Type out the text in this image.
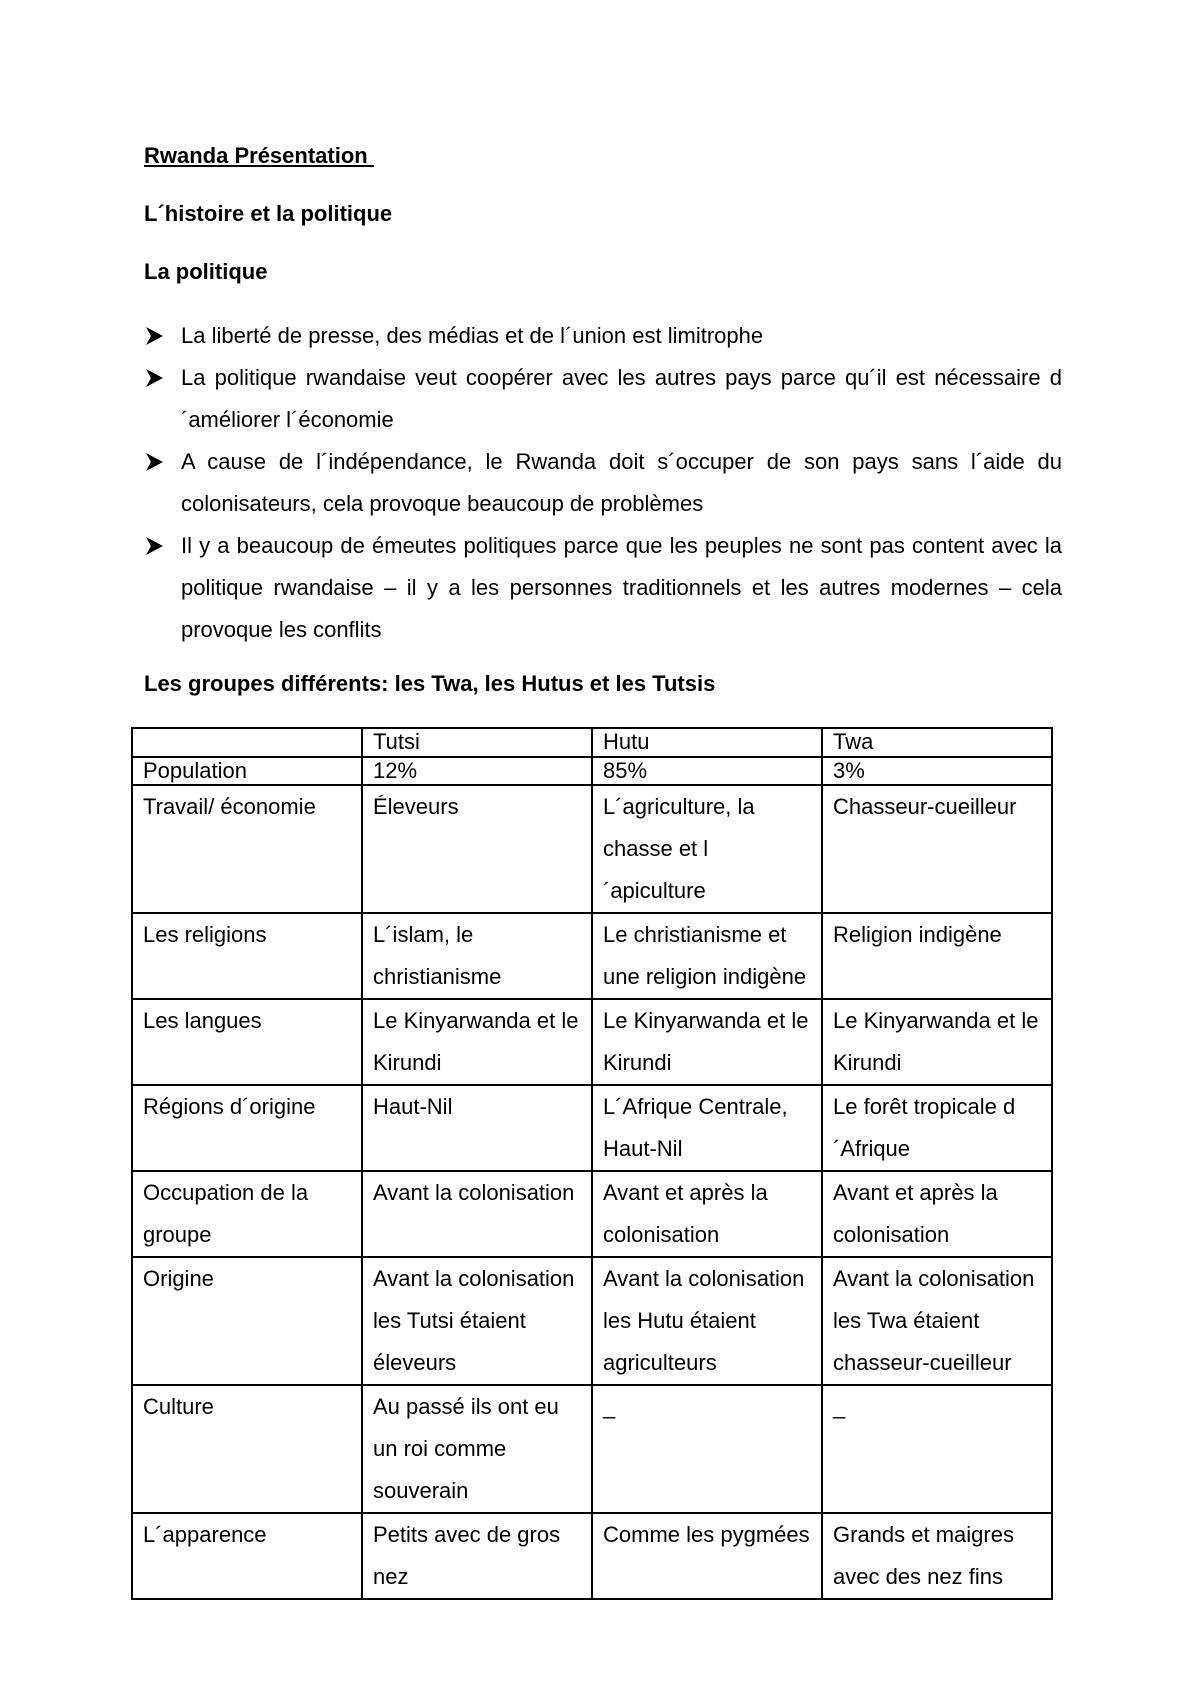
Rwanda Présentation
L´histoire et la politique
La politique
La liberté de presse, des médias et de l´union est limitrophe
La politique rwandaise veut coopérer avec les autres pays parce qu´il est nécessaire d´améliorer l´économie
A cause de l´indépendance, le Rwanda doit s´occuper de son pays sans l´aide du colonisateurs, cela provoque beaucoup de problèmes
Il y a beaucoup de émeutes politiques parce que les peuples ne sont pas content avec la politique rwandaise – il y a les personnes traditionnels et les autres modernes – cela provoque les conflits
Les groupes différents: les Twa, les Hutus et les Tutsis
	Tutsi	Hutu	Twa
Population	12%	85%	3%
Travail/ économie	Éleveurs	L´agriculture, la chasse et l ´apiculture	Chasseur-cueilleur
Les religions	L´islam, le christianisme	Le christianisme et une religion indigène	Religion indigène
Les langues	Le Kinyarwanda et le Kirundi	Le Kinyarwanda et le Kirundi	Le Kinyarwanda et le Kirundi
Régions d´origine	Haut-Nil	L´Afrique Centrale, Haut-Nil	Le forêt tropicale d ´Afrique
Occupation de la groupe	Avant la colonisation	Avant et après la colonisation	Avant et après la colonisation
Origine	Avant la colonisation les Tutsi étaient éleveurs	Avant la colonisation les Hutu étaient agriculteurs	Avant la colonisation les Twa étaient chasseur-cueilleur
Culture	Au passé ils ont eu un roi comme souverain	_	_
L´apparence	Petits avec de gros nez	Comme les pygmées	Grands et maigres avec des nez fins
